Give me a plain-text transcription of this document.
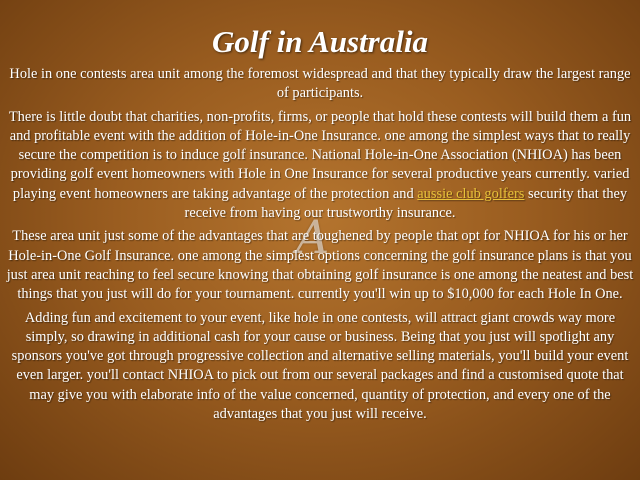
A
Golf in Australia

Hole in one contests area unit among the foremost widespread and that they typically draw the largest range of participants.

There is little doubt that charities, non-profits, firms, or people that hold these contests will build them a fun and profitable event with the addition of Hole-in-One Insurance. one among the simplest ways that to really secure the competition is to induce golf insurance. National Hole-in-One Association (NHIOA) has been providing golf event homeowners with Hole in One Insurance for several productive years currently. varied playing event homeowners are taking advantage of the protection and aussie club golfers security that they receive from having our trustworthy insurance.

These area unit just some of the advantages that are toughened by people that opt for NHIOA for his or her Hole-in-One Golf Insurance. one among the simplest options concerning the golf insurance plans is that you just area unit reaching to feel secure knowing that obtaining golf insurance is one among the neatest and best things that you just will do for your tournament. currently you'll win up to $10,000 for each Hole In One.

Adding fun and excitement to your event, like hole in one contests, will attract giant crowds way more simply, so drawing in additional cash for your cause or business. Being that you just will spotlight any sponsors you've got through progressive collection and alternative selling materials, you'll build your event even larger. you'll contact NHIOA to pick out from our several packages and find a customised quote that may give you with elaborate info of the value concerned, quantity of protection, and every one of the advantages that you just will receive.
